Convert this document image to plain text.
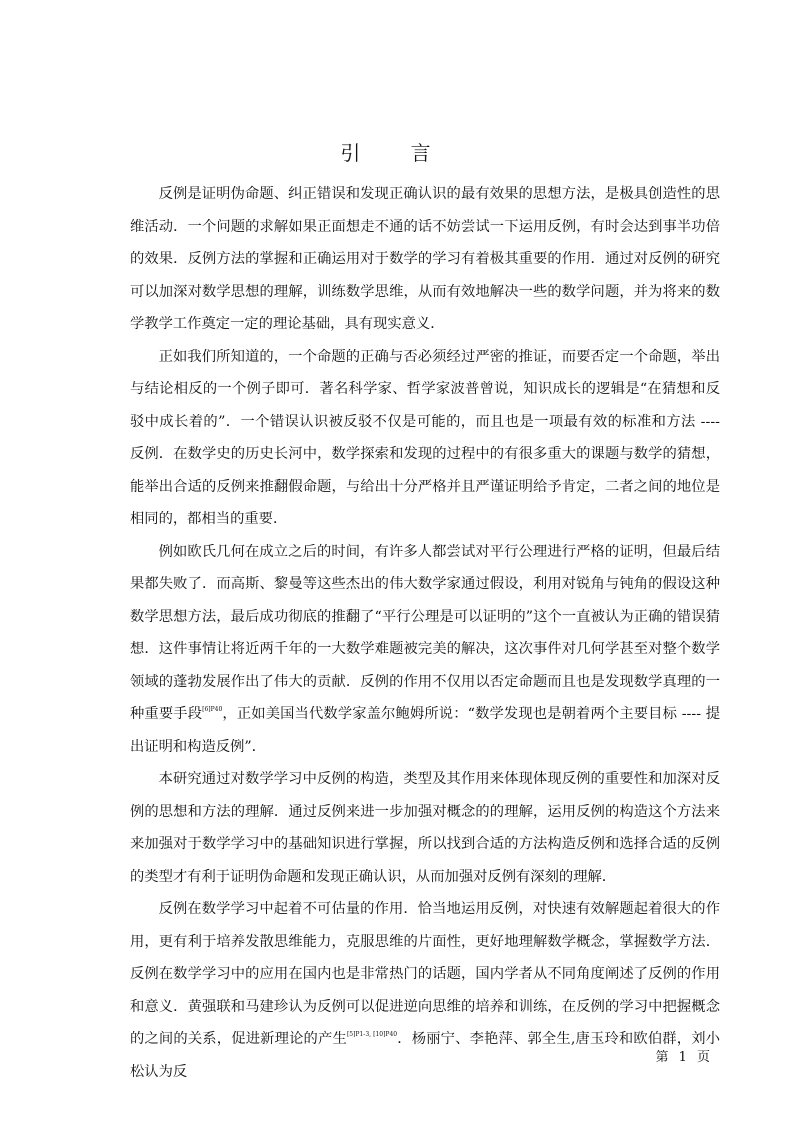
引 言

反例是证明伪命题、纠正错误和发现正确认识的最有效果的思想方法，是极具创造性的思维活动．一个问题的求解如果正面想走不通的话不妨尝试一下运用反例，有时会达到事半功倍的效果．反例方法的掌握和正确运用对于数学的学习有着极其重要的作用．通过对反例的研究可以加深对数学思想的理解，训练数学思维，从而有效地解决一些的数学问题，并为将来的数学教学工作奠定一定的理论基础，具有现实意义．

正如我们所知道的，一个命题的正确与否必须经过严密的推证，而要否定一个命题，举出与结论相反的一个例子即可．著名科学家、哲学家波普曾说，知识成长的逻辑是“在猜想和反驳中成长着的”．一个错误认识被反驳不仅是可能的，而且也是一项最有效的标准和方法 ---- 反例．在数学史的历史长河中，数学探索和发现的过程中的有很多重大的课题与数学的猜想，能举出合适的反例来推翻假命题，与给出十分严格并且严谨证明给予肯定，二者之间的地位是相同的，都相当的重要．

例如欧氏几何在成立之后的时间，有许多人都尝试对平行公理进行严格的证明，但最后结果都失败了．而高斯、黎曼等这些杰出的伟大数学家通过假设，利用对锐角与钝角的假设这种数学思想方法，最后成功彻底的推翻了“平行公理是可以证明的”这个一直被认为正确的错误猜想．这件事情让将近两千年的一大数学难题被完美的解决，这次事件对几何学甚至对整个数学领域的蓬勃发展作出了伟大的贡献．反例的作用不仅用以否定命题而且也是发现数学真理的一种重要手段$^{[6]P40}$，正如美国当代数学家盖尔鲍姆所说：“数学发现也是朝着两个主要目标 ---- 提出证明和构造反例”．

本研究通过对数学学习中反例的构造，类型及其作用来体现体现反例的重要性和加深对反例的思想和方法的理解．通过反例来进一步加强对概念的的理解，运用反例的构造这个方法来来加强对于数学学习中的基础知识进行掌握，所以找到合适的方法构造反例和选择合适的反例的类型才有利于证明伪命题和发现正确认识，从而加强对反例有深刻的理解．

反例在数学学习中起着不可估量的作用．恰当地运用反例，对快速有效解题起着很大的作用，更有利于培养发散思维能力，克服思维的片面性，更好地理解数学概念，掌握数学方法．反例在数学学习中的应用在国内也是非常热门的话题，国内学者从不同角度阐述了反例的作用和意义．黄强联和马建珍认为反例可以促进逆向思维的培养和训练，在反例的学习中把握概念的之间的关系，促进新理论的产生$^{[5]P1-3, [10]P40}$．杨丽宁、李艳萍、郭全生,唐玉玲和欧伯群，刘小松认为反

第 1 页
